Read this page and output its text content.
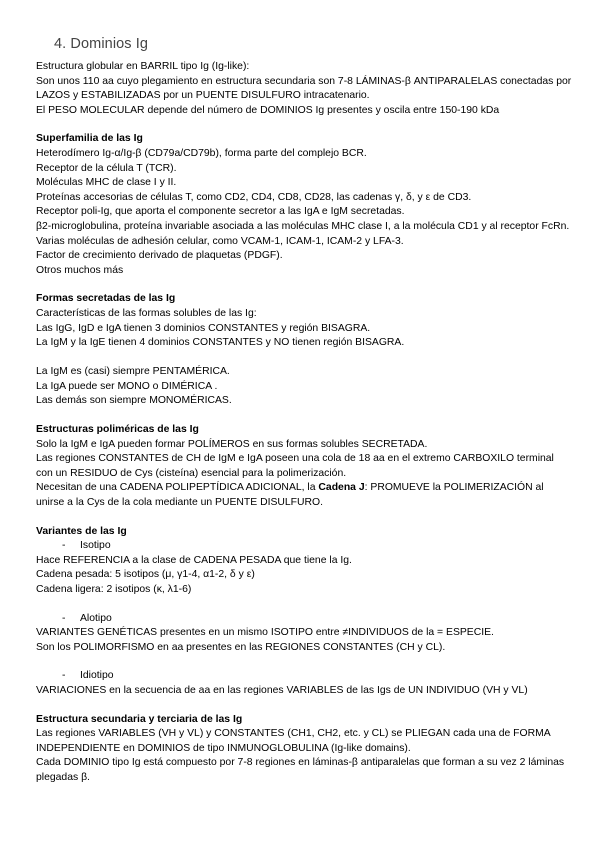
4. Dominios Ig

Estructura globular en BARRIL tipo Ig (Ig-like):

Son unos 110 aa cuyo plegamiento en estructura secundaria son 7-8 LÁMINAS-β ANTIPARALELAS conectadas por LAZOS y ESTABILIZADAS por un PUENTE DISULFURO intracatenario.

El PESO MOLECULAR depende del número de DOMINIOS Ig presentes y oscila entre 150-190 kDa

Superfamilia de las Ig

Heterodímero Ig-α/Ig-β (CD79a/CD79b), forma parte del complejo BCR.

Receptor de la célula T (TCR).

Moléculas MHC de clase I y II.

Proteínas accesorias de células T, como CD2, CD4, CD8, CD28, las cadenas γ, δ, y ε de CD3.

Receptor poli-Ig, que aporta el componente secretor a las IgA e IgM secretadas.

β2-microglobulina, proteína invariable asociada a las moléculas MHC clase I, a la molécula CD1 y al receptor FcRn.

Varias moléculas de adhesión celular, como VCAM-1, ICAM-1, ICAM-2 y LFA-3.

Factor de crecimiento derivado de plaquetas (PDGF).

Otros muchos más

Formas secretadas de las Ig

Características de las formas solubles de las Ig:

Las IgG, IgD e IgA tienen 3 dominios CONSTANTES y región BISAGRA.

La IgM y la IgE tienen 4 dominios CONSTANTES y NO tienen región BISAGRA.

La IgM es (casi) siempre PENTAMÉRICA.

La IgA puede ser MONO o DIMÉRICA .

Las demás son siempre MONOMÉRICAS.

Estructuras poliméricas de las Ig

Solo la IgM e IgA pueden formar POLÍMEROS en sus formas solubles SECRETADA.

Las regiones CONSTANTES de CH de IgM e IgA poseen una cola de 18 aa en el extremo CARBOXILO terminal con un RESIDUO de Cys (cisteína) esencial para la polimerización.

Necesitan de una CADENA POLIPEPTÍDICA ADICIONAL, la Cadena J: PROMUEVE la POLIMERIZACIÓN al unirse a la Cys de la cola mediante un PUENTE DISULFURO.

Variantes de las Ig

- Isotipo

Hace REFERENCIA a la clase de CADENA PESADA que tiene la Ig.

Cadena pesada: 5 isotipos (μ, γ1-4, α1-2, δ y ε)

Cadena ligera: 2 isotipos (κ, λ1-6)

- Alotipo

VARIANTES GENÉTICAS presentes en un mismo ISOTIPO entre ≠INDIVIDUOS de la = ESPECIE.

Son los POLIMORFISMO en aa presentes en las REGIONES CONSTANTES (CH y CL).

- Idiotipo

VARIACIONES en la secuencia de aa en las regiones VARIABLES de las Igs de UN INDIVIDUO (VH y VL)

Estructura secundaria y terciaria de las Ig

Las regiones VARIABLES (VH y VL) y CONSTANTES (CH1, CH2, etc. y CL) se PLIEGAN cada una de FORMA INDEPENDIENTE en DOMINIOS de tipo INMUNOGLOBULINA (Ig-like domains).

Cada DOMINIO tipo Ig está compuesto por 7-8 regiones en láminas-β antiparalelas que forman a su vez 2 láminas plegadas β.
